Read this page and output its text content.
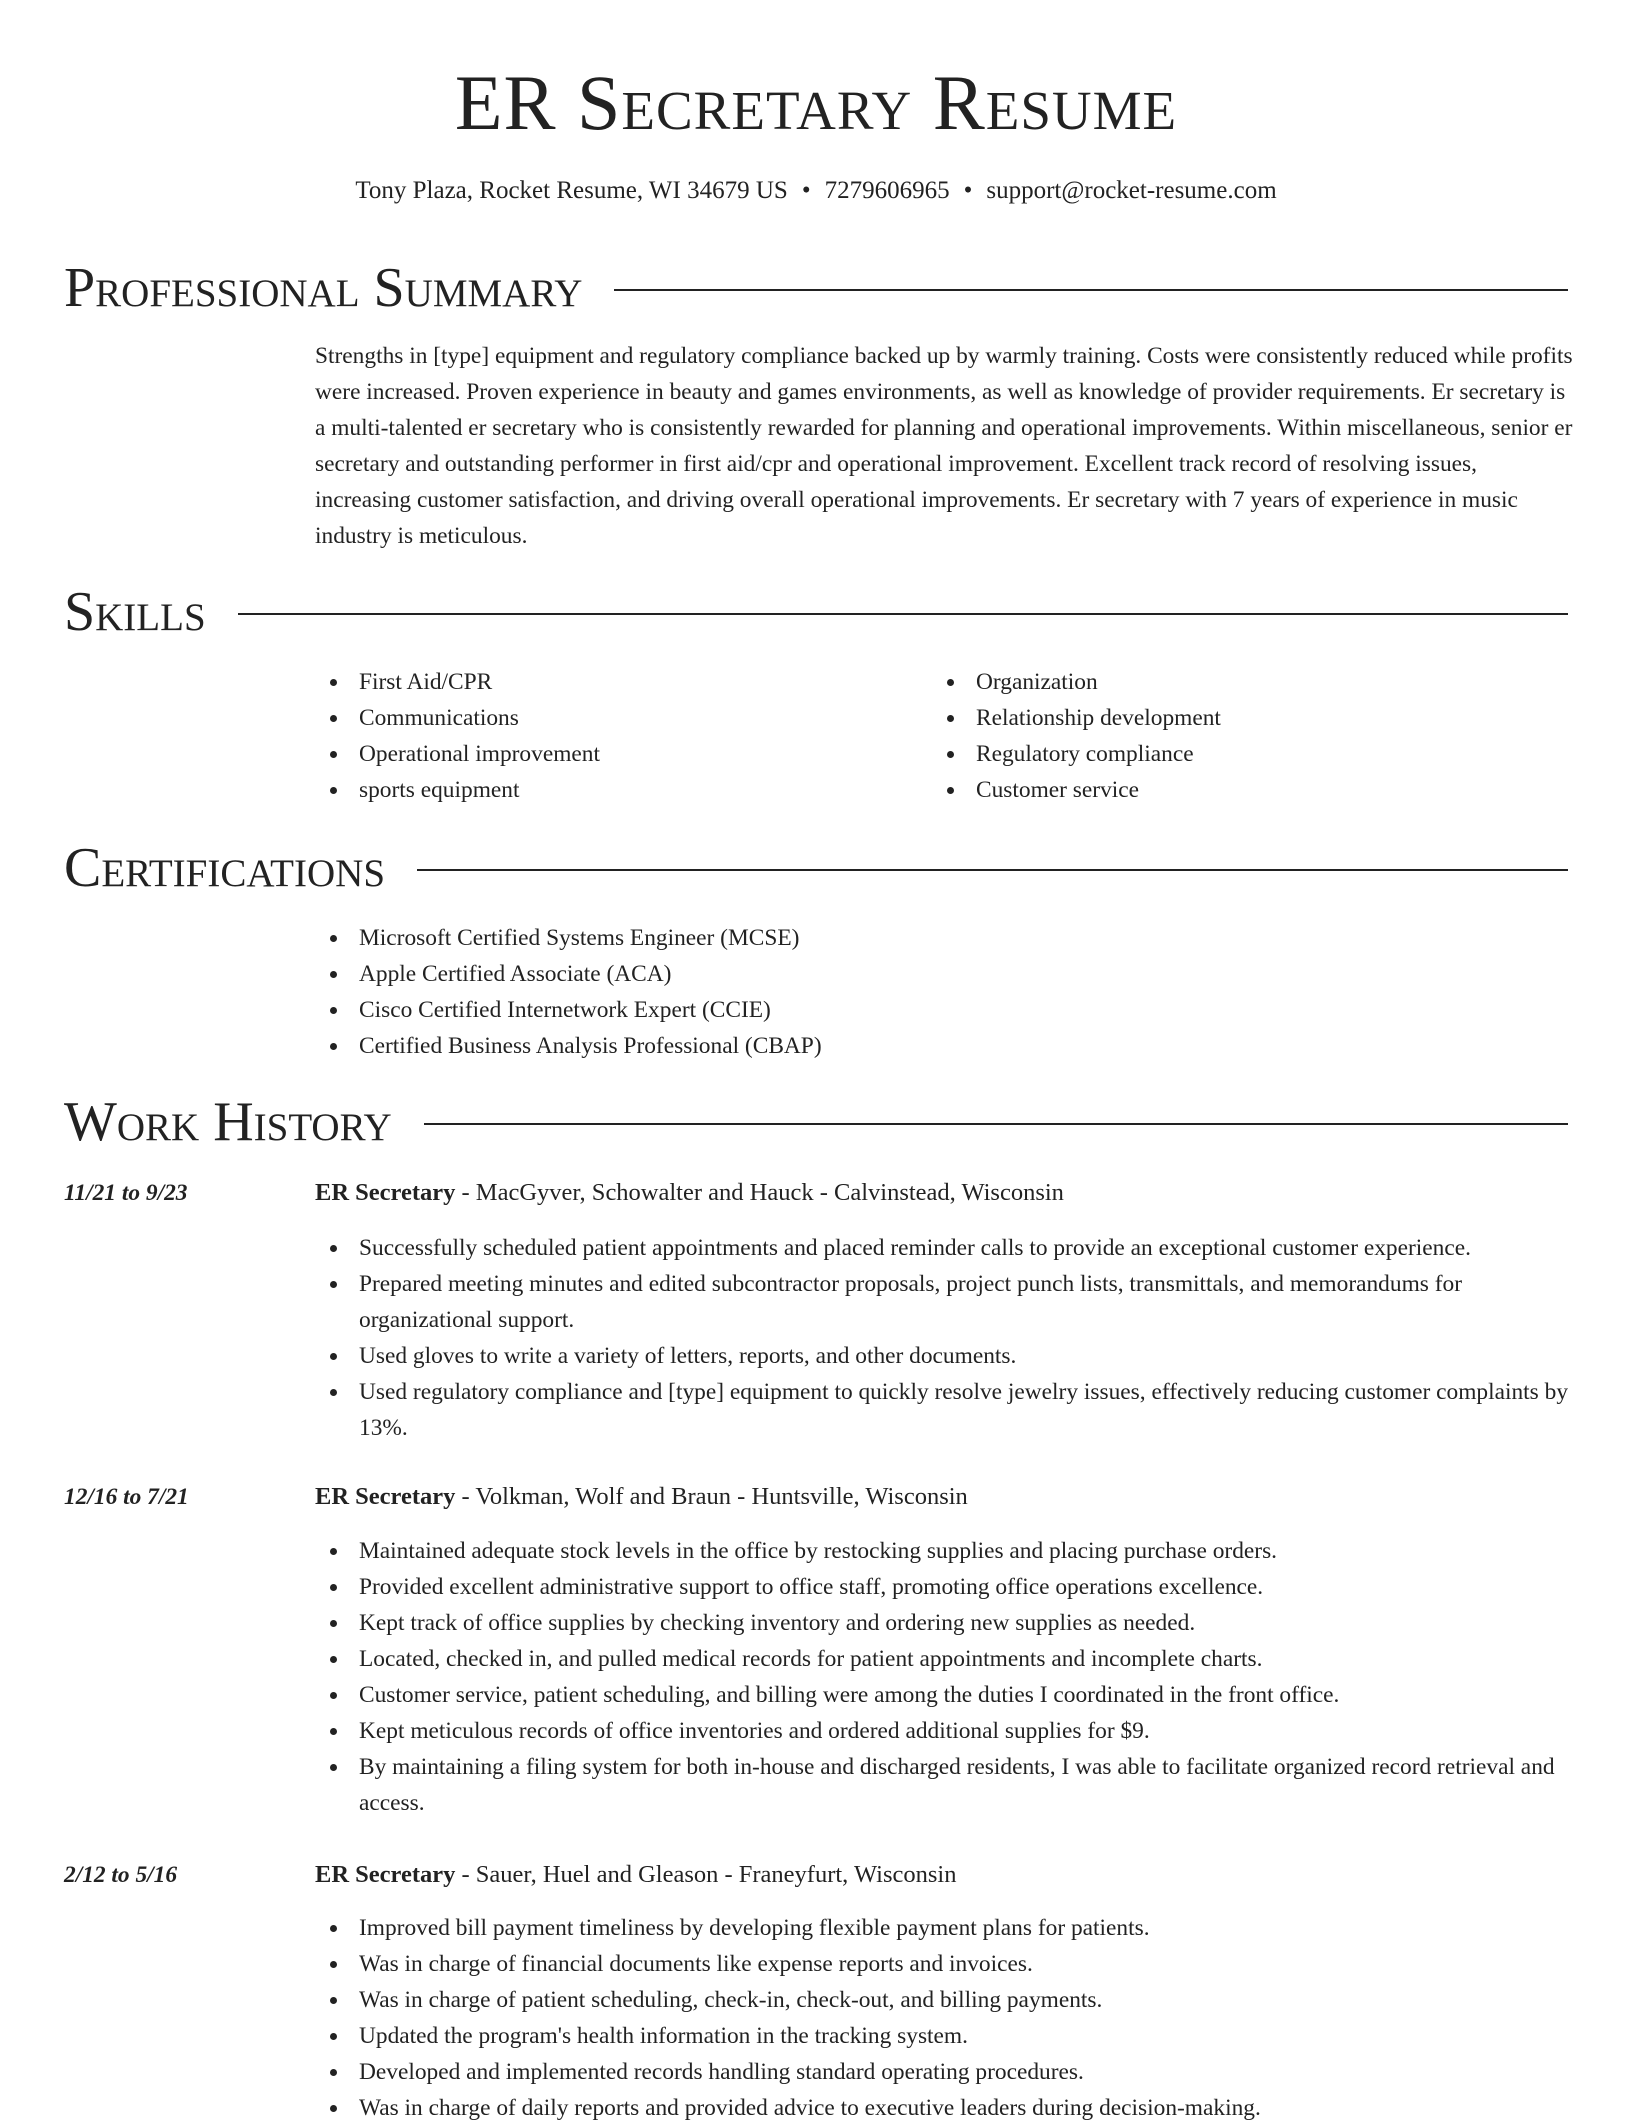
ER Secretary Resume
Tony Plaza, Rocket Resume, WI 34679 US • 7279606965 • support@rocket-resume.com
Professional Summary
Strengths in [type] equipment and regulatory compliance backed up by warmly training. Costs were consistently reduced while profits were increased. Proven experience in beauty and games environments, as well as knowledge of provider requirements. Er secretary is a multi-talented er secretary who is consistently rewarded for planning and operational improvements. Within miscellaneous, senior er secretary and outstanding performer in first aid/cpr and operational improvement. Excellent track record of resolving issues, increasing customer satisfaction, and driving overall operational improvements. Er secretary with 7 years of experience in music industry is meticulous.
Skills
First Aid/CPR
Communications
Operational improvement
sports equipment
Organization
Relationship development
Regulatory compliance
Customer service
Certifications
Microsoft Certified Systems Engineer (MCSE)
Apple Certified Associate (ACA)
Cisco Certified Internetwork Expert (CCIE)
Certified Business Analysis Professional (CBAP)
Work History
11/21 to 9/23	ER Secretary - MacGyver, Schowalter and Hauck - Calvinstead, Wisconsin
Successfully scheduled patient appointments and placed reminder calls to provide an exceptional customer experience.
Prepared meeting minutes and edited subcontractor proposals, project punch lists, transmittals, and memorandums for organizational support.
Used gloves to write a variety of letters, reports, and other documents.
Used regulatory compliance and [type] equipment to quickly resolve jewelry issues, effectively reducing customer complaints by 13%.
12/16 to 7/21	ER Secretary - Volkman, Wolf and Braun - Huntsville, Wisconsin
Maintained adequate stock levels in the office by restocking supplies and placing purchase orders.
Provided excellent administrative support to office staff, promoting office operations excellence.
Kept track of office supplies by checking inventory and ordering new supplies as needed.
Located, checked in, and pulled medical records for patient appointments and incomplete charts.
Customer service, patient scheduling, and billing were among the duties I coordinated in the front office.
Kept meticulous records of office inventories and ordered additional supplies for $9.
By maintaining a filing system for both in-house and discharged residents, I was able to facilitate organized record retrieval and access.
2/12 to 5/16	ER Secretary - Sauer, Huel and Gleason - Franeyfurt, Wisconsin
Improved bill payment timeliness by developing flexible payment plans for patients.
Was in charge of financial documents like expense reports and invoices.
Was in charge of patient scheduling, check-in, check-out, and billing payments.
Updated the program's health information in the tracking system.
Developed and implemented records handling standard operating procedures.
Was in charge of daily reports and provided advice to executive leaders during decision-making.
